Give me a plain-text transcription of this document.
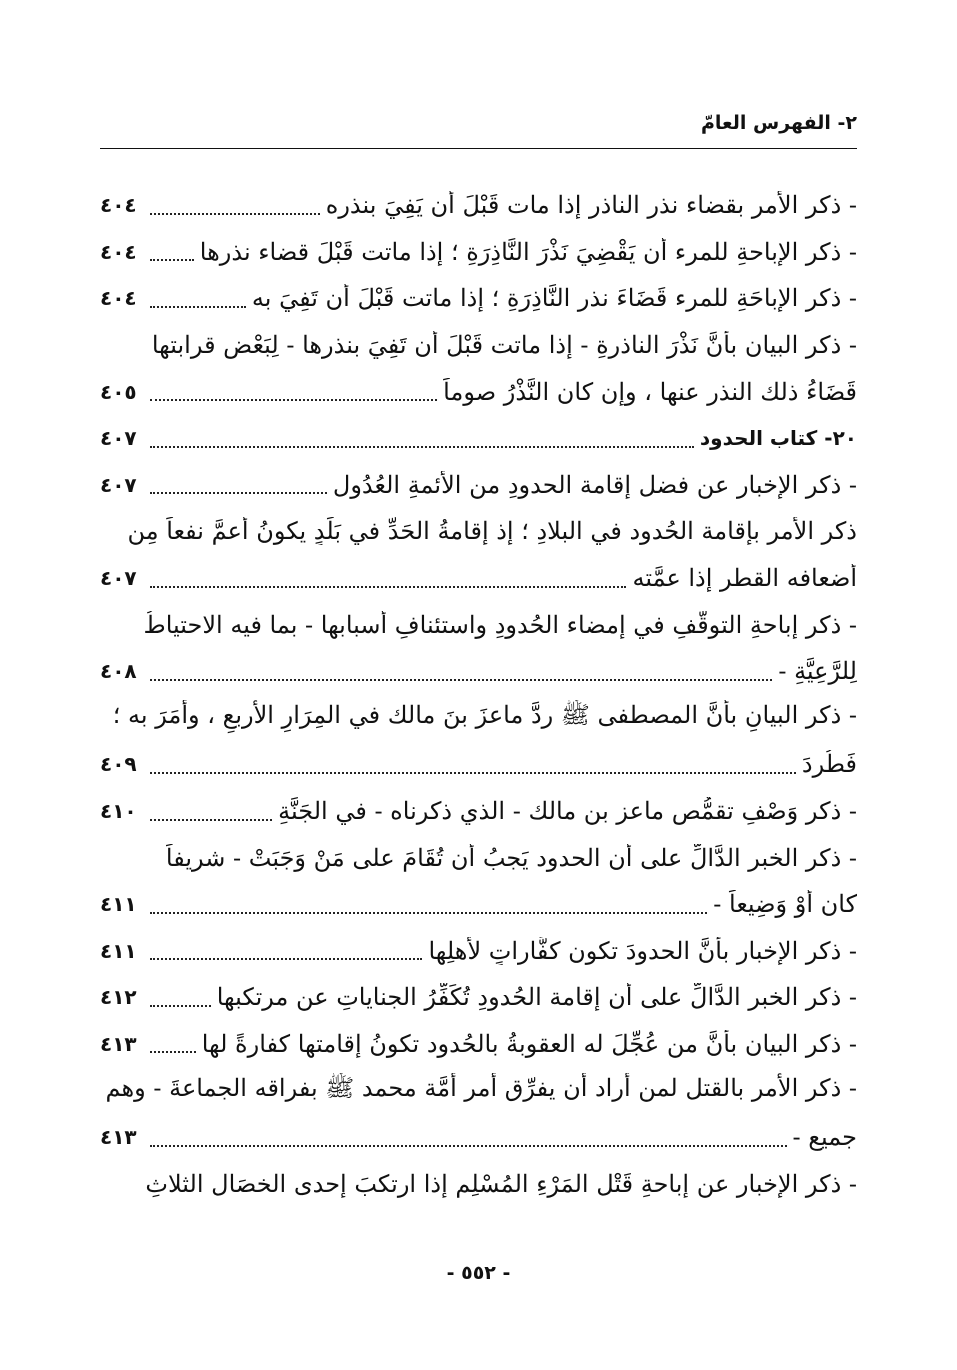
٢- الفهرس العامّ
- ذكر الأمر بقضاء نذر الناذر إذا مات قَبْلَ أن يَفِيَ بنذره
٤٠٤
- ذكر الإباحةِ للمرء أن يَقْضِيَ نَذْرَ النَّاذِرَةِ ؛ إذا ماتت قَبْلَ قضاء نذرها
٤٠٤
- ذكر الإباحَةِ للمرء قَضَاءَ نذر النَّاذِرَةِ ؛ إذا ماتت قَبْلَ أن تَفِيَ به
٤٠٤
- ذكر البيان بأنَّ نَذْرَ الناذرةِ - إذا ماتت قَبْلَ أن تَفِيَ بنذرها - لِبَعْضِ قرابتها
قَضَاءُ ذلك النذر عنها ، وإن كان النَّذْرُ صوماً
٤٠٥
٢٠- كتاب الحدود
٤٠٧
- ذكر الإخبار عن فضل إقامة الحدودِ من الأئمةِ العُدُول
٤٠٧
ذكر الأمر بإقامة الحُدود في البلادِ ؛ إذ إقامةُ الحَدِّ في بَلَدٍ يكونُ أعمَّ نفعاً مِن
أضعافه القطر إذا عمَّته
٤٠٧
- ذكر إباحةِ التوقُّفِ في إمضاء الحُدودِ واستئنافِ أسبابها - بما فيه الاحتياطُ
لِلرَّعِيَّةِ -
٤٠٨
- ذكر البيانِ بأنَّ المصطفى ﷺ ردَّ ماعزَ بنَ مالك في المِرَارِ الأربعِ ، وأمَرَ به ؛
فَطُرِدَ
٤٠٩
- ذكر وَصْفِ تقمُّص ماعز بن مالك - الذي ذكرناه - في الجَنَّةِ
٤١٠
- ذكر الخبر الدَّالِّ على أن الحدود يَجبُ أن تُقَامَ على مَنْ وَجَبَتْ - شريفاً
كان أوْ وَضِيعاً -
٤١١
- ذكر الإخبار بأنَّ الحدودَ تكون كفَّاراتٍ لأهلِها
٤١١
- ذكر الخبرِ الدَّالِّ على أن إقامة الحُدودِ تُكَفِّرُ الجناياتِ عن مرتكبها
٤١٢
- ذكر البيان بأنَّ من عُجِّلَ له العقوبةُ بالحُدود تكونُ إقامتها كفارةً لها
٤١٣
- ذكر الأمر بالقتل لمن أراد أن يفرِّق أمر أمَّة محمد ﷺ بفراقه الجماعةَ - وهم
جميع -
٤١٣
- ذكر الإخبار عن إباحةِ قَتْلِ المَرْءِ المُسْلِمِ إذا ارتكبَ إحدى الخصَالِ الثلاثِ
- ٥٥٢ -
